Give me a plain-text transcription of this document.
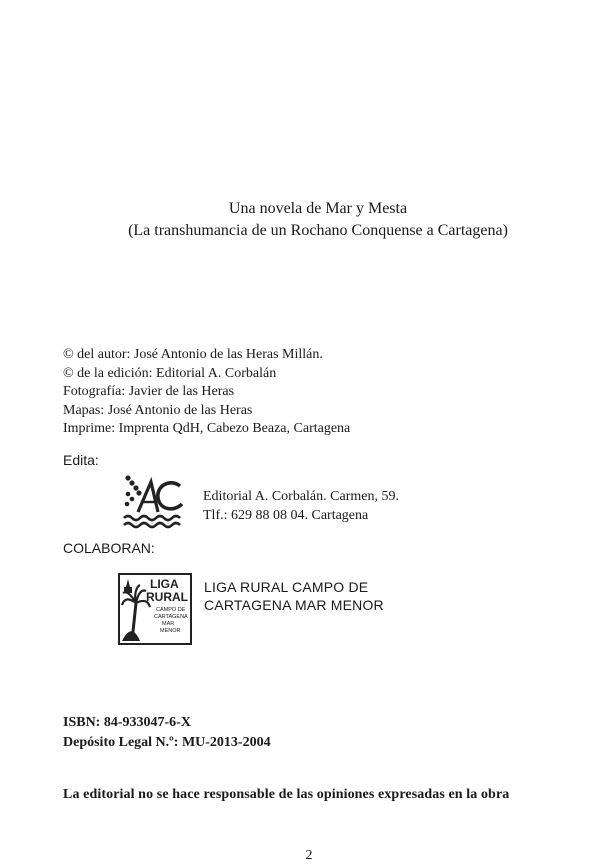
Una novela de Mar y Mesta
(La transhumancia de un Rochano Conquense a Cartagena)
© del autor: José Antonio de las Heras Millán.
© de la edición: Editorial A. Corbalán
Fotografía: Javier de las Heras
Mapas: José Antonio de las Heras
Imprime: Imprenta QdH, Cabezo Beaza, Cartagena
Edita:
Editorial A. Corbalán. Carmen, 59.
Tlf.: 629 88 08 04. Cartagena
COLABORAN:
LIGA
RURAL
CAMPO DE
CARTAGENA
MAR
MENOR
LIGA RURAL CAMPO DE
CARTAGENA MAR MENOR
ISBN: 84-933047-6-X
Depósito Legal N.º: MU-2013-2004
La editorial no se hace responsable de las opiniones expresadas en la obra
2
